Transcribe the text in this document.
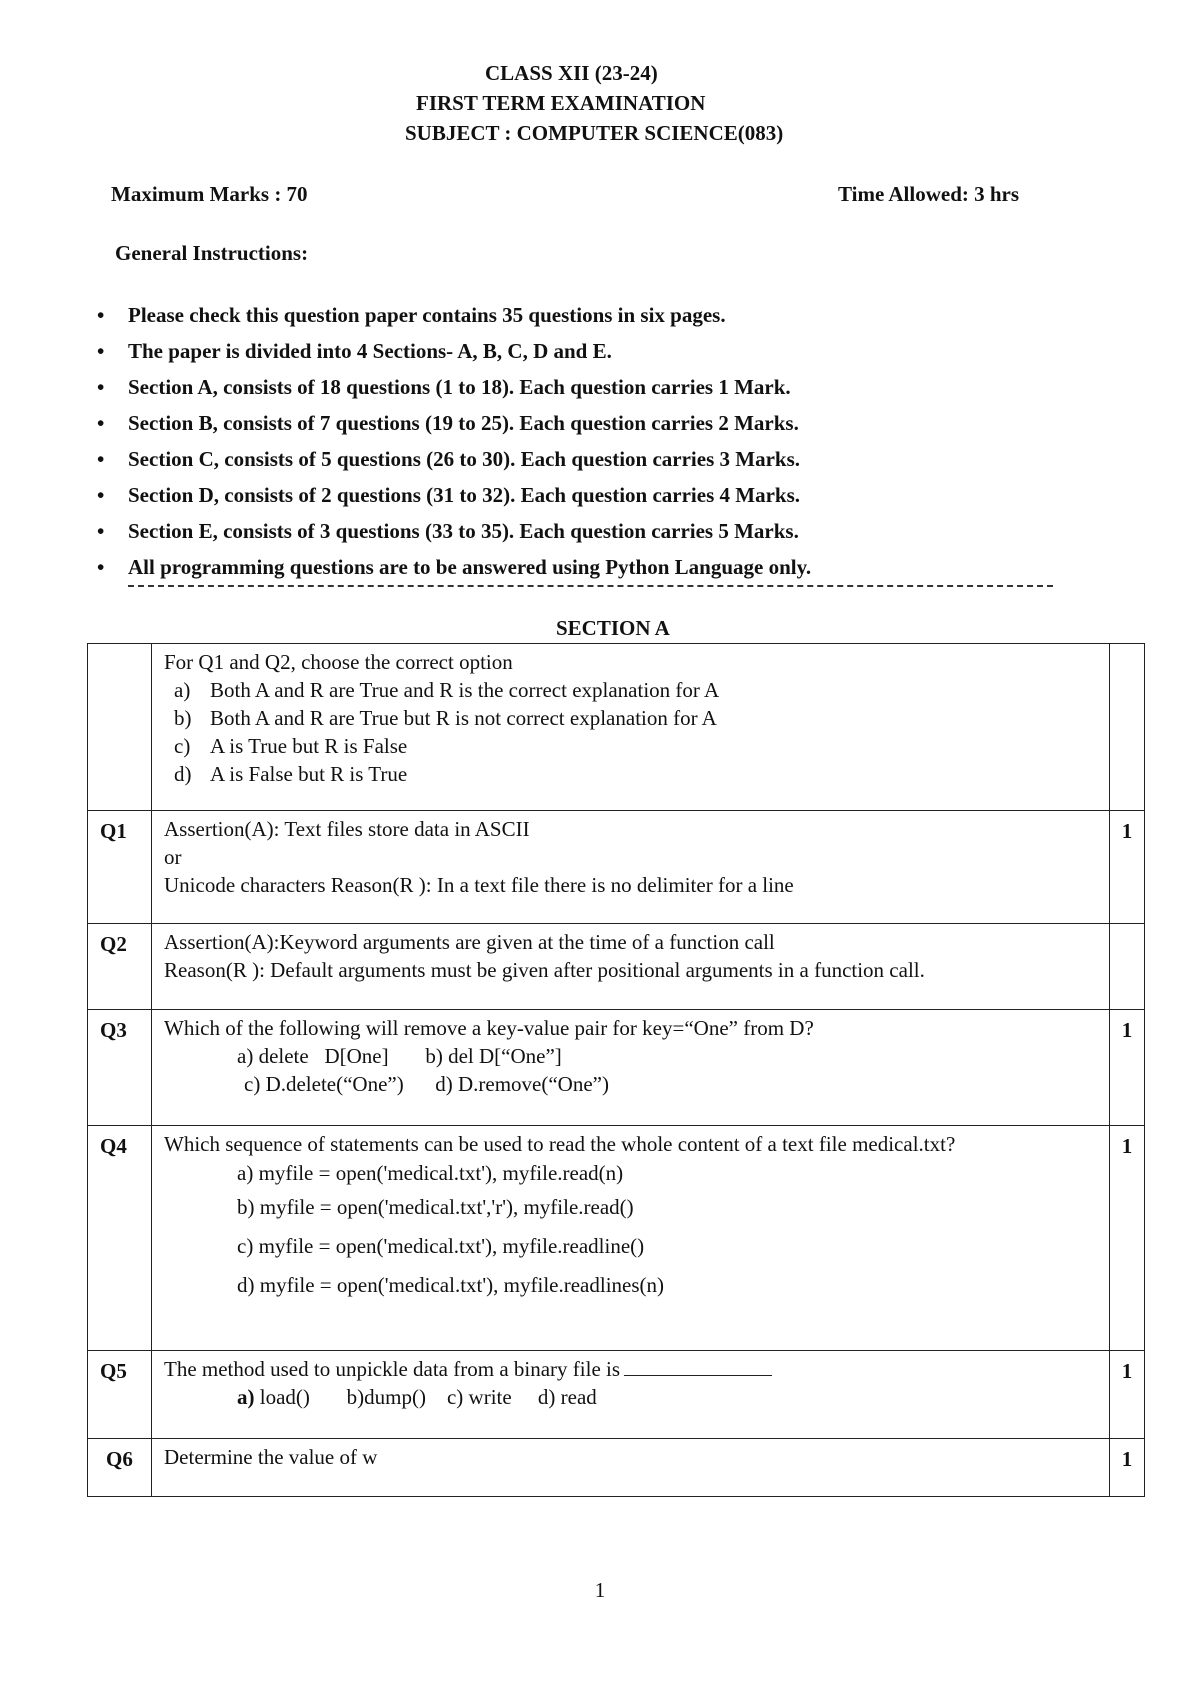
CLASS XII (23-24)
FIRST TERM EXAMINATION
SUBJECT : COMPUTER SCIENCE(083)
Maximum Marks : 70	Time Allowed: 3 hrs
General Instructions:
• Please check this question paper contains 35 questions in six pages.
• The paper is divided into 4 Sections- A, B, C, D and E.
• Section A, consists of 18 questions (1 to 18). Each question carries 1 Mark.
• Section B, consists of 7 questions (19 to 25). Each question carries 2 Marks.
• Section C, consists of 5 questions (26 to 30). Each question carries 3 Marks.
• Section D, consists of 2 questions (31 to 32). Each question carries 4 Marks.
• Section E, consists of 3 questions (33 to 35). Each question carries 5 Marks.
• All programming questions are to be answered using Python Language only.
SECTION A

	For Q1 and Q2, choose the correct option
a) Both A and R are True and R is the correct explanation for A
b) Both A and R are True but R is not correct explanation for A
c) A is True but R is False
d) A is False but R is True	

Q1	Assertion(A): Text files store data in ASCII
or
Unicode characters Reason(R ): In a text file there is no delimiter for a line	1
Q2	Assertion(A):Keyword arguments are given at the time of a function call
Reason(R ): Default arguments must be given after positional arguments in a function call.	

Q3	Which of the following will remove a key-value pair for key=“One” from D?
a) delete   D[One]       b) del D[“One”]
c) D.delete(“One”)      d) D.remove(“One”)	1
Q4	Which sequence of statements can be used to read the whole content of a text file medical.txt?
a) myfile = open('medical.txt'), myfile.read(n)
b) myfile = open('medical.txt','r'), myfile.read()
c) myfile = open('medical.txt'), myfile.readline()
d) myfile = open('medical.txt'), myfile.readlines(n)	1
Q5	The method used to unpickle data from a binary file is
a) load() b)dump()    c) write     d) read	1
Q6	Determine the value of w	1
1
